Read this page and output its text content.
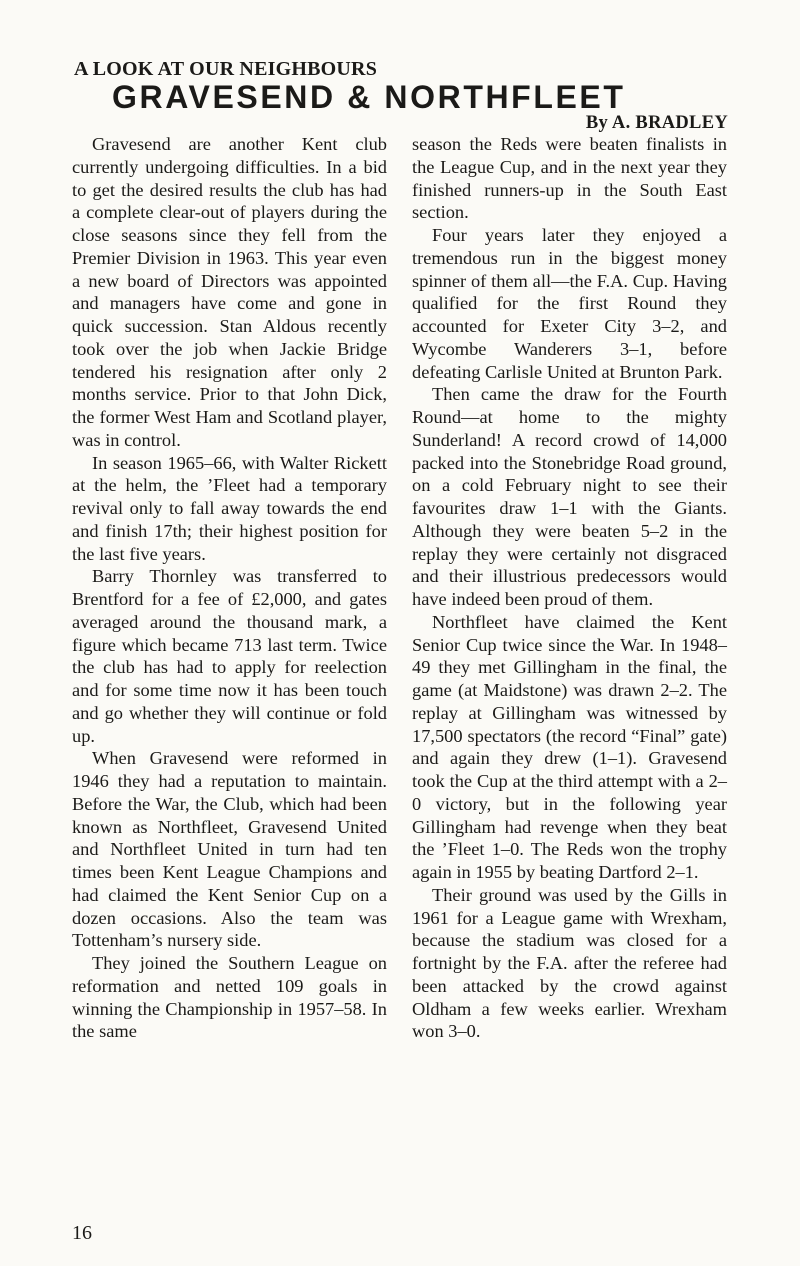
A LOOK AT OUR NEIGHBOURS
GRAVESEND & NORTHFLEET
By A. BRADLEY

Gravesend are another Kent club currently undergoing difficulties. In a bid to get the desired results the club has had a complete clear-out of players during the close seasons since they fell from the Premier Division in 1963. This year even a new board of Directors was appointed and managers have come and gone in quick succession. Stan Aldous recently took over the job when Jackie Bridge tendered his resignation after only 2 months service. Prior to that John Dick, the former West Ham and Scotland player, was in control.

In season 1965–66, with Walter Rickett at the helm, the ’Fleet had a temporary revival only to fall away towards the end and finish 17th; their highest position for the last five years.

Barry Thornley was transferred to Brentford for a fee of £2,000, and gates averaged around the thousand mark, a figure which became 713 last term. Twice the club has had to apply for reelection and for some time now it has been touch and go whether they will continue or fold up.

When Gravesend were reformed in 1946 they had a reputation to maintain. Before the War, the Club, which had been known as Northfleet, Gravesend United and Northfleet United in turn had ten times been Kent League Champions and had claimed the Kent Senior Cup on a dozen occasions. Also the team was Tottenham’s nursery side.

They joined the Southern League on reformation and netted 109 goals in winning the Championship in 1957–58. In the same

season the Reds were beaten finalists in the League Cup, and in the next year they finished runners-up in the South East section.

Four years later they enjoyed a tremendous run in the biggest money spinner of them all—the F.A. Cup. Having qualified for the first Round they accounted for Exeter City 3–2, and Wycombe Wanderers 3–1, before defeating Carlisle United at Brunton Park.

Then came the draw for the Fourth Round—at home to the mighty Sunderland! A record crowd of 14,000 packed into the Stonebridge Road ground, on a cold February night to see their favourites draw 1–1 with the Giants. Although they were beaten 5–2 in the replay they were certainly not disgraced and their illustrious predecessors would have indeed been proud of them.

Northfleet have claimed the Kent Senior Cup twice since the War. In 1948–49 they met Gillingham in the final, the game (at Maidstone) was drawn 2–2. The replay at Gillingham was witnessed by 17,500 spectators (the record “Final” gate) and again they drew (1–1). Gravesend took the Cup at the third attempt with a 2–0 victory, but in the following year Gillingham had revenge when they beat the ’Fleet 1–0. The Reds won the trophy again in 1955 by beating Dartford 2–1.

Their ground was used by the Gills in 1961 for a League game with Wrexham, because the stadium was closed for a fortnight by the F.A. after the referee had been attacked by the crowd against Oldham a few weeks earlier. Wrexham won 3–0.

16
